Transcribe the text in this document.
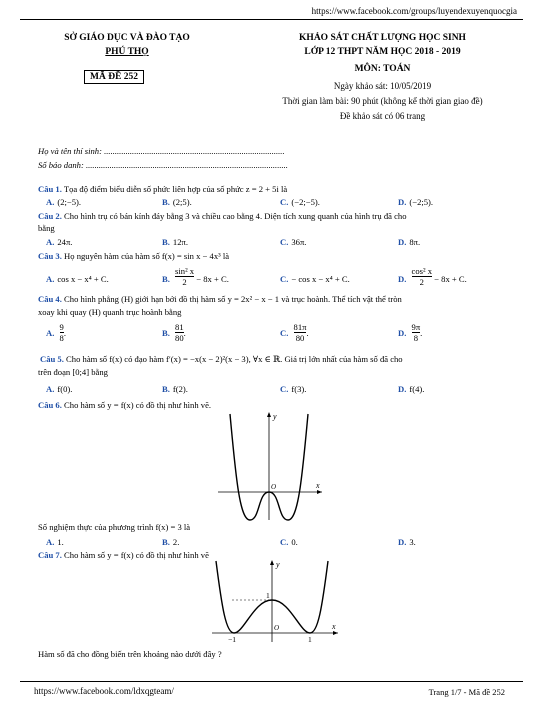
https://www.facebook.com/groups/luyendexuyenquocgia
SỞ GIÁO DỤC VÀ ĐÀO TẠO
PHÚ THỌ
MÃ ĐỀ 252
KHẢO SÁT CHẤT LƯỢNG HỌC SINH
LỚP 12 THPT NĂM HỌC 2018 - 2019
MÔN: TOÁN
Ngày khảo sát: 10/05/2019
Thời gian làm bài: 90 phút (không kể thời gian giao đề)
Đề khảo sát có 06 trang
Họ và tên thí sinh: ....................................................................................
Số báo danh: ..............................................................................................
Câu 1. Tọa độ điểm biểu diễn số phức liên hợp của số phức z = 2 + 5i là
A. (2;−5).	B. (2;5).	C. (−2;−5).	D. (−2;5).
Câu 2. Cho hình trụ có bán kính đáy bằng 3 và chiều cao bằng 4. Diện tích xung quanh của hình trụ đã cho
bằng
A. 24π.	B. 12π.	C. 36π.	D. 8π.
Câu 3. Họ nguyên hàm của hàm số f(x) = sin x − 4x³ là
A. cos x − x⁴ + C.	B. $\frac{\text{sin² x}}{2} - 8x + C$.	C. − cos x − x⁴ + C.	D. $\frac{\text{cos² x}}{2} - 8x + C$.
Câu 4. Cho hình phẳng (H) giới hạn bởi đồ thị hàm số y = 2x² − x − 1 và trục hoành. Thể tích vật thể tròn
xoay khi quay (H) quanh trục hoành bằng
A. $\frac{9}{8}$ .	B. $\frac{81}{80}$ .	C. $\frac{81\pi}{80}$ .	D. $\frac{9\pi}{8}$ .
Câu 5. Cho hàm số f(x) có đạo hàm f′(x) = −x(x − 2)²(x − 3), ∀x ∈ ℝ. Giá trị lớn nhất của hàm số đã cho
trên đoạn [0;4] bằng
A. f(0).	B. f(2).	C. f(3).	D. f(4).
Câu 6. Cho hàm số y = f(x) có đồ thị như hình vẽ.
y
x
O
Số nghiệm thực của phương trình f(x) = 3 là
A. 1.	B. 2.	C. 0.	D. 3.
Câu 7. Cho hàm số y = f(x) có đồ thị như hình vẽ
y
x
1
O
−1	1
Hàm số đã cho đồng biến trên khoảng nào dưới đây ?
https://www.facebook.com/ldxqgteam/	Trang 1/7 - Mã đề 252
